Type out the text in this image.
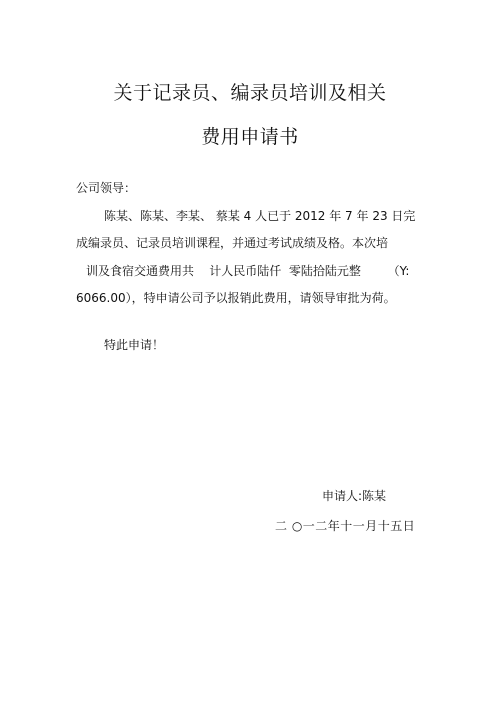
关于记录员、编录员培训及相关
费用申请书
公司领导：
陈某、陈某、李某、 蔡某 4 人已于 2012 年 7 年 23 日完
成编录员、记录员培训课程，并通过考试成绩及格。本次培
训及食宿交通费用共    计人民币陆仟  零陆拾陆元整       （Y:
6066.00），特申请公司予以报销此费用，请领导审批为荷。
特此申请！
申请人:陈某
二 ○一二年十一月十五日
